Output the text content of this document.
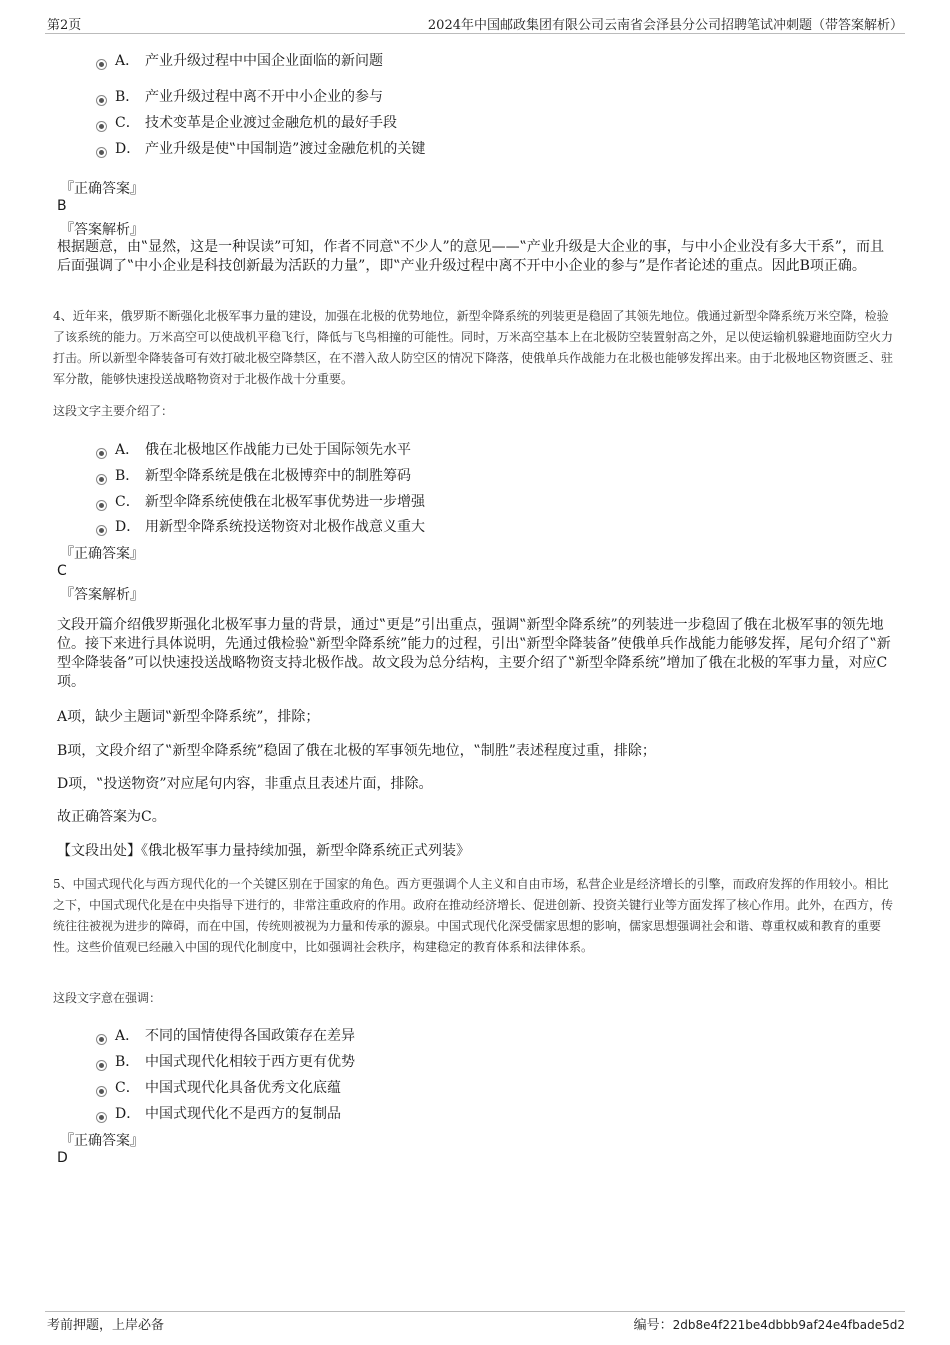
第2页	2024年中国邮政集团有限公司云南省会泽县分公司招聘笔试冲刺题（带答案解析）
A． 产业升级过程中中国企业面临的新问题
B． 产业升级过程中离不开中小企业的参与
C． 技术变革是企业渡过金融危机的最好手段
D． 产业升级是使‟中国制造”渡过金融危机的关键
『正确答案』
B
『答案解析』
根据题意，由‟显然，这是一种误读”可知，作者不同意‟不少人”的意见——‟产业升级是大企业的事，与中小企业没有多大干系”，而且后面强调了‟中小企业是科技创新最为活跃的力量”，即‟产业升级过程中离不开中小企业的参与”是作者论述的重点。因此B项正确。
4、近年来，俄罗斯不断强化北极军事力量的建设，加强在北极的优势地位，新型伞降系统的列装更是稳固了其领先地位。俄通过新型伞降系统万米空降，检验了该系统的能力。万米高空可以使战机平稳飞行，降低与飞鸟相撞的可能性。同时，万米高空基本上在北极防空装置射高之外，足以使运输机躲避地面防空火力打击。所以新型伞降装备可有效打破北极空降禁区，在不潜入敌人防空区的情况下降落，使俄单兵作战能力在北极也能够发挥出来。由于北极地区物资匮乏、驻军分散，能够快速投送战略物资对于北极作战十分重要。
这段文字主要介绍了：
A． 俄在北极地区作战能力已处于国际领先水平
B． 新型伞降系统是俄在北极博弈中的制胜筹码
C． 新型伞降系统使俄在北极军事优势进一步增强
D． 用新型伞降系统投送物资对北极作战意义重大
『正确答案』
C
『答案解析』
文段开篇介绍俄罗斯强化北极军事力量的背景，通过‟更是”引出重点，强调‟新型伞降系统”的列装进一步稳固了俄在北极军事的领先地位。接下来进行具体说明，先通过俄检验‟新型伞降系统”能力的过程，引出‟新型伞降装备”使俄单兵作战能力能够发挥，尾句介绍了‟新型伞降装备”可以快速投送战略物资支持北极作战。故文段为总分结构，主要介绍了‟新型伞降系统”增加了俄在北极的军事力量，对应C项。
A项，缺少主题词‟新型伞降系统”，排除；
B项，文段介绍了‟新型伞降系统”稳固了俄在北极的军事领先地位，‟制胜”表述程度过重，排除；
D项，‟投送物资”对应尾句内容，非重点且表述片面，排除。
故正确答案为C。
【文段出处】《俄北极军事力量持续加强，新型伞降系统正式列装》
5、中国式现代化与西方现代化的一个关键区别在于国家的角色。西方更强调个人主义和自由市场，私营企业是经济增长的引擎，而政府发挥的作用较小。相比之下，中国式现代化是在中央指导下进行的，非常注重政府的作用。政府在推动经济增长、促进创新、投资关键行业等方面发挥了核心作用。此外，在西方，传统往往被视为进步的障碍，而在中国，传统则被视为力量和传承的源泉。中国式现代化深受儒家思想的影响，儒家思想强调社会和谐、尊重权威和教育的重要性。这些价值观已经融入中国的现代化制度中，比如强调社会秩序，构建稳定的教育体系和法律体系。
这段文字意在强调：
A． 不同的国情使得各国政策存在差异
B． 中国式现代化相较于西方更有优势
C． 中国式现代化具备优秀文化底蕴
D． 中国式现代化不是西方的复制品
『正确答案』
D
考前押题，上岸必备	编号：2db8e4f221be4dbbb9af24e4fbade5d2
